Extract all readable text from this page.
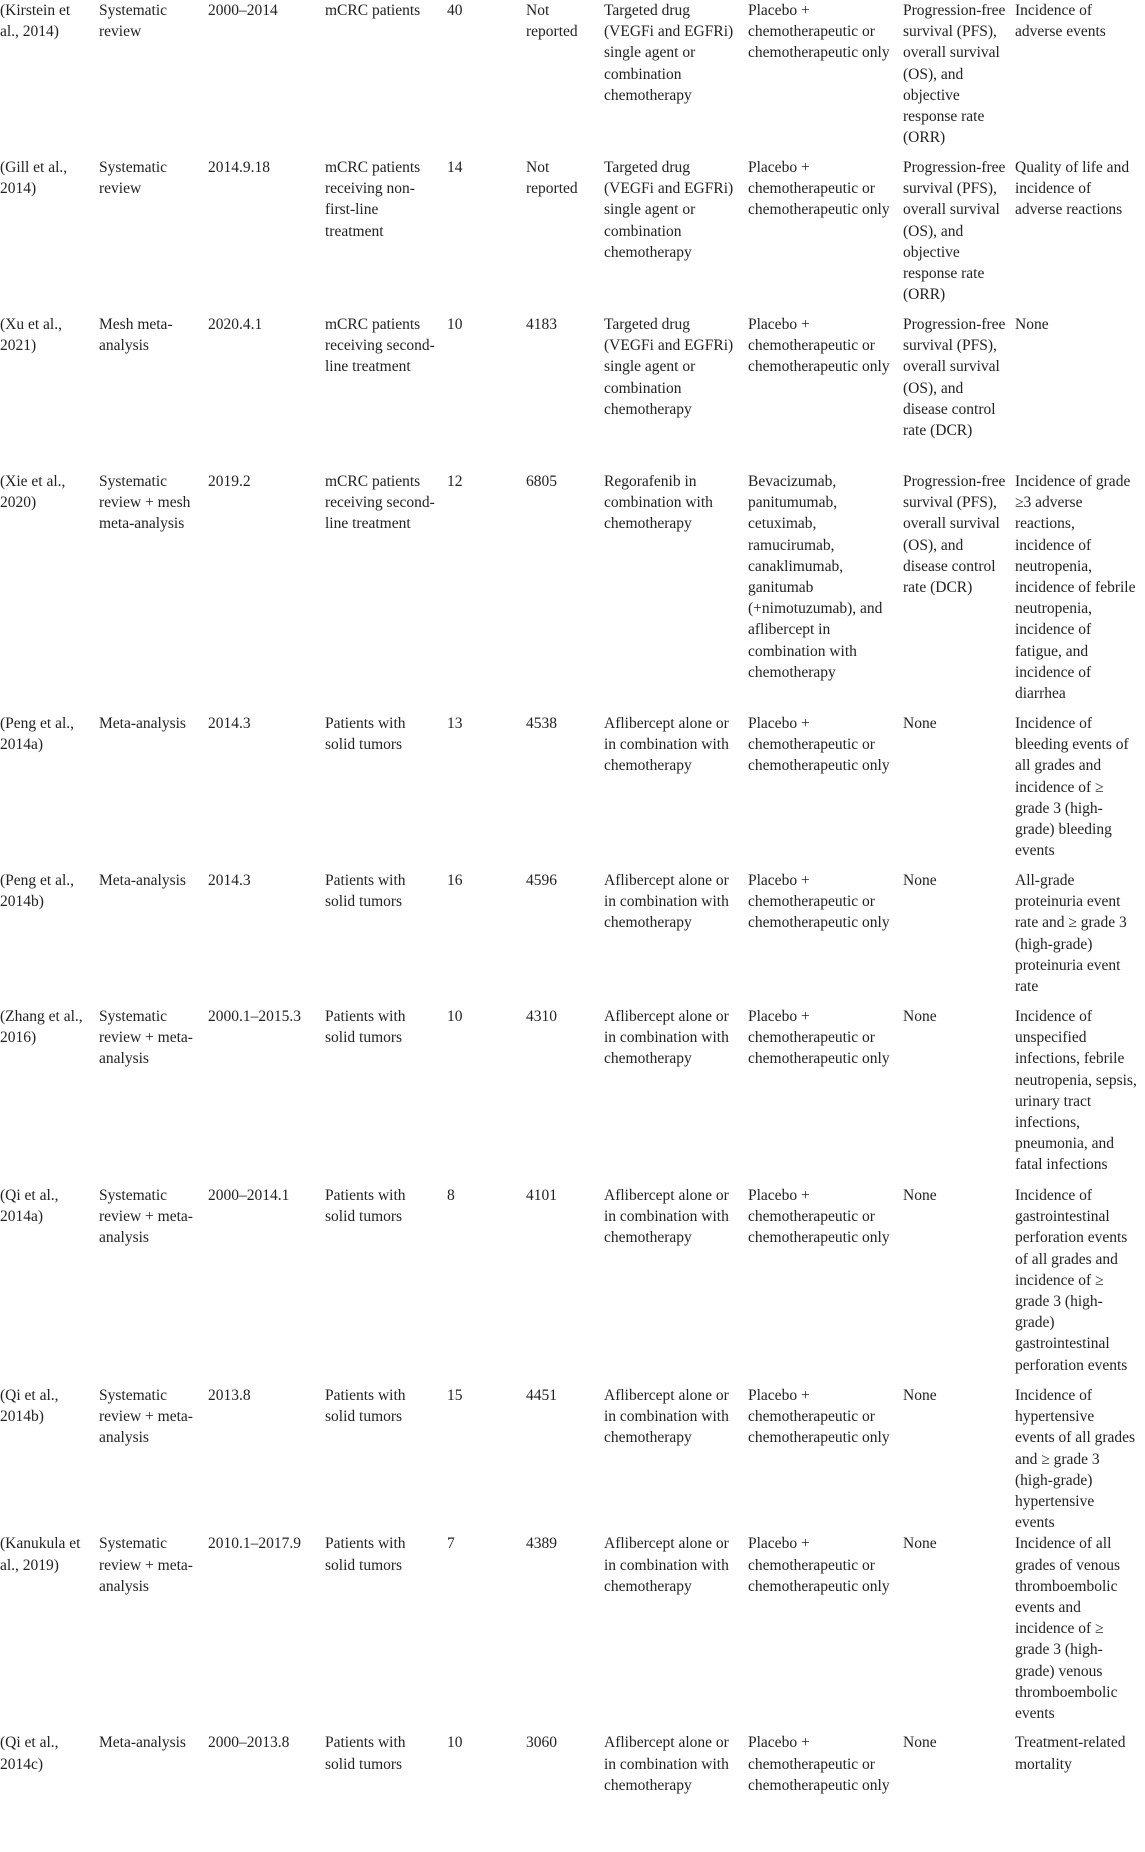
(Kirstein et al., 2014)	Systematic review	2000–2014	mCRC patients	40	Not reported	Targeted drug (VEGFi and EGFRi) single agent or combination chemotherapy	Placebo + chemotherapeutic or chemotherapeutic only	Progression-free survival (PFS), overall survival (OS), and objective response rate (ORR)	Incidence of adverse events
(Gill et al., 2014)	Systematic review	2014.9.18	mCRC patients receiving non-first-line treatment	14	Not reported	Targeted drug (VEGFi and EGFRi) single agent or combination chemotherapy	Placebo + chemotherapeutic or chemotherapeutic only	Progression-free survival (PFS), overall survival (OS), and objective response rate (ORR)	Quality of life and incidence of adverse reactions
(Xu et al., 2021)	Mesh meta-analysis	2020.4.1	mCRC patients receiving second-line treatment	10	4183	Targeted drug (VEGFi and EGFRi) single agent or combination chemotherapy	Placebo + chemotherapeutic or chemotherapeutic only	Progression-free survival (PFS), overall survival (OS), and disease control rate (DCR)	None
(Xie et al., 2020)	Systematic review + mesh meta-analysis	2019.2	mCRC patients receiving second-line treatment	12	6805	Regorafenib in combination with chemotherapy	Bevacizumab, panitumumab, cetuximab, ramucirumab, canaklimumab, ganitumab (+nimotuzumab), and aflibercept in combination with chemotherapy	Progression-free survival (PFS), overall survival (OS), and disease control rate (DCR)	Incidence of grade ≥3 adverse reactions, incidence of neutropenia, incidence of febrile neutropenia, incidence of fatigue, and incidence of diarrhea
(Peng et al., 2014a)	Meta-analysis	2014.3	Patients with solid tumors	13	4538	Aflibercept alone or in combination with chemotherapy	Placebo + chemotherapeutic or chemotherapeutic only	None	Incidence of bleeding events of all grades and incidence of ≥ grade 3 (high-grade) bleeding events
(Peng et al., 2014b)	Meta-analysis	2014.3	Patients with solid tumors	16	4596	Aflibercept alone or in combination with chemotherapy	Placebo + chemotherapeutic or chemotherapeutic only	None	All-grade proteinuria event rate and ≥ grade 3 (high-grade) proteinuria event rate
(Zhang et al., 2016)	Systematic review + meta-analysis	2000.1–2015.3	Patients with solid tumors	10	4310	Aflibercept alone or in combination with chemotherapy	Placebo + chemotherapeutic or chemotherapeutic only	None	Incidence of unspecified infections, febrile neutropenia, sepsis, urinary tract infections, pneumonia, and fatal infections
(Qi et al., 2014a)	Systematic review + meta-analysis	2000–2014.1	Patients with solid tumors	8	4101	Aflibercept alone or in combination with chemotherapy	Placebo + chemotherapeutic or chemotherapeutic only	None	Incidence of gastrointestinal perforation events of all grades and incidence of ≥ grade 3 (high-grade) gastrointestinal perforation events
(Qi et al., 2014b)	Systematic review + meta-analysis	2013.8	Patients with solid tumors	15	4451	Aflibercept alone or in combination with chemotherapy	Placebo + chemotherapeutic or chemotherapeutic only	None	Incidence of hypertensive events of all grades and ≥ grade 3 (high-grade) hypertensive events
(Kanukula et al., 2019)	Systematic review + meta-analysis	2010.1–2017.9	Patients with solid tumors	7	4389	Aflibercept alone or in combination with chemotherapy	Placebo + chemotherapeutic or chemotherapeutic only	None	Incidence of all grades of venous thromboembolic events and incidence of ≥ grade 3 (high-grade) venous thromboembolic events
(Qi et al., 2014c)	Meta-analysis	2000–2013.8	Patients with solid tumors	10	3060	Aflibercept alone or in combination with chemotherapy	Placebo + chemotherapeutic or chemotherapeutic only	None	Treatment-related mortality
